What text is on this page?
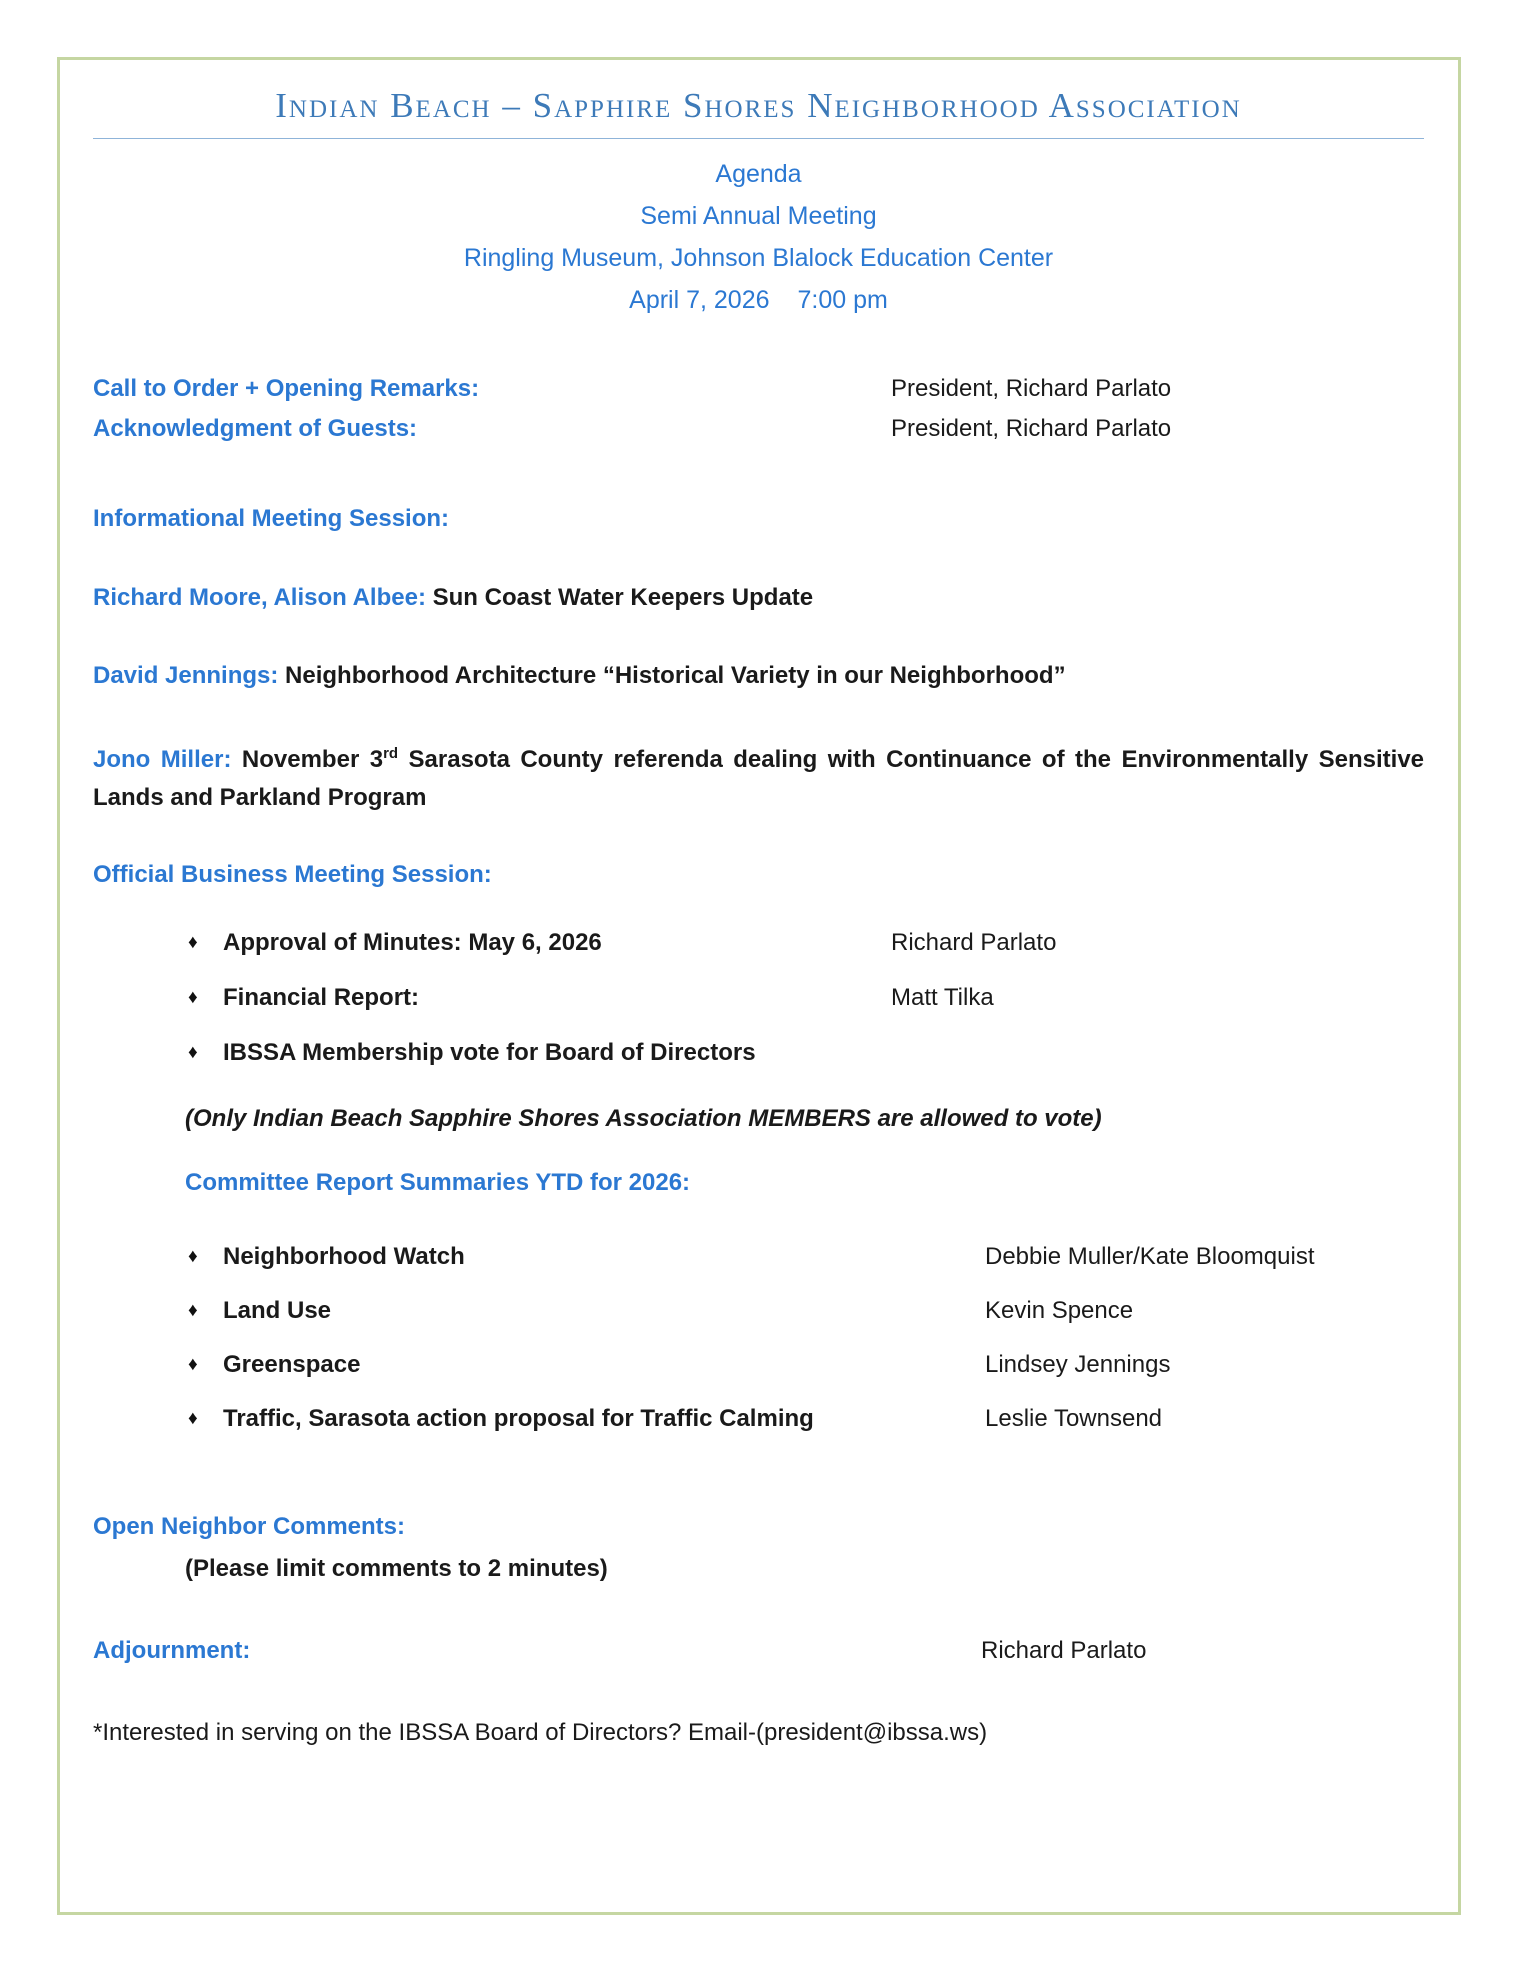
Indian Beach – Sapphire Shores Neighborhood Association
Agenda
Semi Annual Meeting
Ringling Museum, Johnson Blalock Education Center
April 7, 2026 7:00 pm
Call to Order + Opening Remarks:	President, Richard Parlato
Acknowledgment of Guests:	President, Richard Parlato
Informational Meeting Session:
Richard Moore, Alison Albee: Sun Coast Water Keepers Update
David Jennings: Neighborhood Architecture “Historical Variety in our Neighborhood”
Jono Miller: November 3rd Sarasota County referenda dealing with Continuance of the Environmentally Sensitive Lands and Parkland Program
Official Business Meeting Session:
♦ Approval of Minutes: May 6, 2026	Richard Parlato
♦ Financial Report:	Matt Tilka
♦ IBSSA Membership vote for Board of Directors
(Only Indian Beach Sapphire Shores Association MEMBERS are allowed to vote)
Committee Report Summaries YTD for 2026:
♦ Neighborhood Watch	Debbie Muller/Kate Bloomquist
♦ Land Use	Kevin Spence
♦ Greenspace	Lindsey Jennings
♦ Traffic, Sarasota action proposal for Traffic Calming	Leslie Townsend
Open Neighbor Comments:
(Please limit comments to 2 minutes)
Adjournment:	Richard Parlato
*Interested in serving on the IBSSA Board of Directors? Email-(president@ibssa.ws)
